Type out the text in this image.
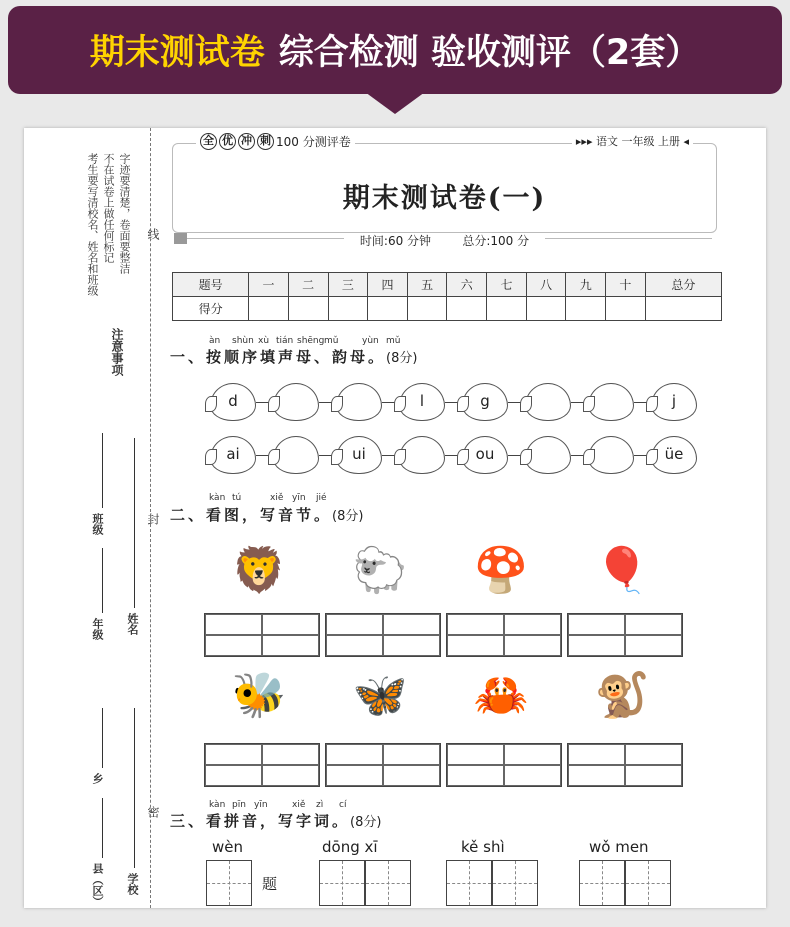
期末测试卷 综合检测 验收测评（2套）
考生要写清校名、姓名和班级 不在试卷上做任何标记 字迹要清楚，卷面要整洁
注意事项
线
封
密
班级
年级 姓名
乡
学校
县（区）
全 优 冲 刺 100 分测评卷	▸▸▸ 语文 一年级 上册 ◂
期末测试卷(一)
时间:60 分钟	总分:100 分
题号	一	二	三	四	五	六	七	八	九	十	总分
得分											
àn shùn xù tián shēng mǔ	yùn mǔ
一、按顺序填声母、韵母。(8分)
d	l	g	j
ai	ui	ou	üe
kàn tú	xiě yīn jié
二、看图，写音节。(8分)
🦁 🐑 🍄 🎈
🐝 🦋 🦀 🐒
kàn pīn yīn	xiě zì cí
三、看拼音，写字词。(8分)
wèn	dōng xī	kě shì	wǒ men
题
